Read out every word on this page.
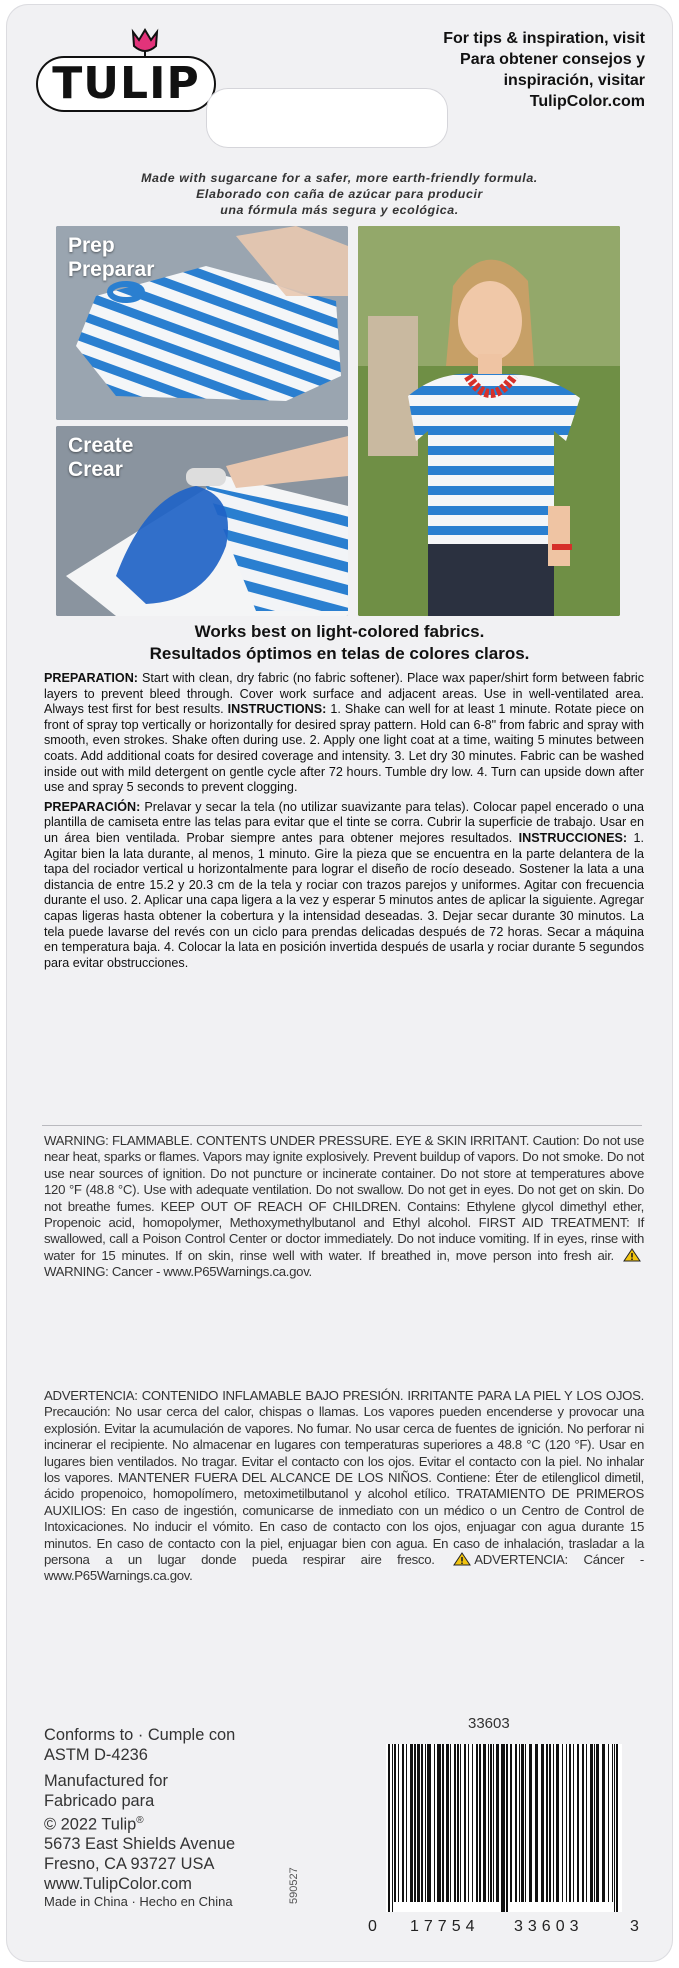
TULIP
For tips & inspiration, visit
Para obtener consejos y
inspiración, visitar
TulipColor.com
Made with sugarcane for a safer, more earth-friendly formula.
Elaborado con caña de azúcar para producir
una fórmula más segura y ecológica.
Prep
Preparar
Create
Crear
Works best on light-colored fabrics.
Resultados óptimos en telas de colores claros.

PREPARATION: Start with clean, dry fabric (no fabric softener). Place wax paper/shirt form between fabric layers to prevent bleed through. Cover work surface and adjacent areas. Use in well-ventilated area. Always test first for best results. INSTRUCTIONS: 1. Shake can well for at least 1 minute. Rotate piece on front of spray top vertically or horizontally for desired spray pattern. Hold can 6-8" from fabric and spray with smooth, even strokes. Shake often during use. 2. Apply one light coat at a time, waiting 5 minutes between coats. Add additional coats for desired coverage and intensity. 3. Let dry 30 minutes. Fabric can be washed inside out with mild detergent on gentle cycle after 72 hours. Tumble dry low. 4. Turn can upside down after use and spray 5 seconds to prevent clogging.

PREPARACIÓN: Prelavar y secar la tela (no utilizar suavizante para telas). Colocar papel encerado o una plantilla de camiseta entre las telas para evitar que el tinte se corra. Cubrir la superficie de trabajo. Usar en un área bien ventilada. Probar siempre antes para obtener mejores resultados. INSTRUCCIONES: 1. Agitar bien la lata durante, al menos, 1 minuto. Gire la pieza que se encuentra en la parte delantera de la tapa del rociador vertical u horizontalmente para lograr el diseño de rocío deseado. Sostener la lata a una distancia de entre 15.2 y 20.3 cm de la tela y rociar con trazos parejos y uniformes. Agitar con frecuencia durante el uso. 2. Aplicar una capa ligera a la vez y esperar 5 minutos antes de aplicar la siguiente. Agregar capas ligeras hasta obtener la cobertura y la intensidad deseadas. 3. Dejar secar durante 30 minutos. La tela puede lavarse del revés con un ciclo para prendas delicadas después de 72 horas. Secar a máquina en temperatura baja. 4. Colocar la lata en posición invertida después de usarla y rociar durante 5 segundos para evitar obstrucciones.

WARNING: FLAMMABLE. CONTENTS UNDER PRESSURE. EYE & SKIN IRRITANT. Caution: Do not use near heat, sparks or flames. Vapors may ignite explosively. Prevent buildup of vapors. Do not smoke. Do not use near sources of ignition. Do not puncture or incinerate container. Do not store at temperatures above 120 °F (48.8 °C). Use with adequate ventilation. Do not swallow. Do not get in eyes. Do not get on skin. Do not breathe fumes. KEEP OUT OF REACH OF CHILDREN. Contains: Ethylene glycol dimethyl ether, Propenoic acid, homopolymer, Methoxymethylbutanol and Ethyl alcohol. FIRST AID TREATMENT: If swallowed, call a Poison Control Center or doctor immediately. Do not induce vomiting. If in eyes, rinse with water for 15 minutes. If on skin, rinse well with water. If breathed in, move person into fresh air. WARNING: Cancer - www.P65Warnings.ca.gov.
ADVERTENCIA: CONTENIDO INFLAMABLE BAJO PRESIÓN. IRRITANTE PARA LA PIEL Y LOS OJOS. Precaución: No usar cerca del calor, chispas o llamas. Los vapores pueden encenderse y provocar una explosión. Evitar la acumulación de vapores. No fumar. No usar cerca de fuentes de ignición. No perforar ni incinerar el recipiente. No almacenar en lugares con temperaturas superiores a 48.8 °C (120 °F). Usar en lugares bien ventilados. No tragar. Evitar el contacto con los ojos. Evitar el contacto con la piel. No inhalar los vapores. MANTENER FUERA DEL ALCANCE DE LOS NIÑOS. Contiene: Éter de etilenglicol dimetil, ácido propenoico, homopolímero, metoximetilbutanol y alcohol etílico. TRATAMIENTO DE PRIMEROS AUXILIOS: En caso de ingestión, comunicarse de inmediato con un médico o un Centro de Control de Intoxicaciones. No inducir el vómito. En caso de contacto con los ojos, enjuagar con agua durante 15 minutos. En caso de contacto con la piel, enjuagar bien con agua. En caso de inhalación, trasladar a la persona a un lugar donde pueda respirar aire fresco.	ADVERTENCIA: Cáncer - www.P65Warnings.ca.gov.
Conforms to · Cumple con
ASTM D-4236
Manufactured for
Fabricado para
© 2022 Tulip®
5673 East Shields Avenue
Fresno, CA 93727 USA
www.TulipColor.com
Made in China · Hecho en China	590527
33603
0 17754 33603	3
